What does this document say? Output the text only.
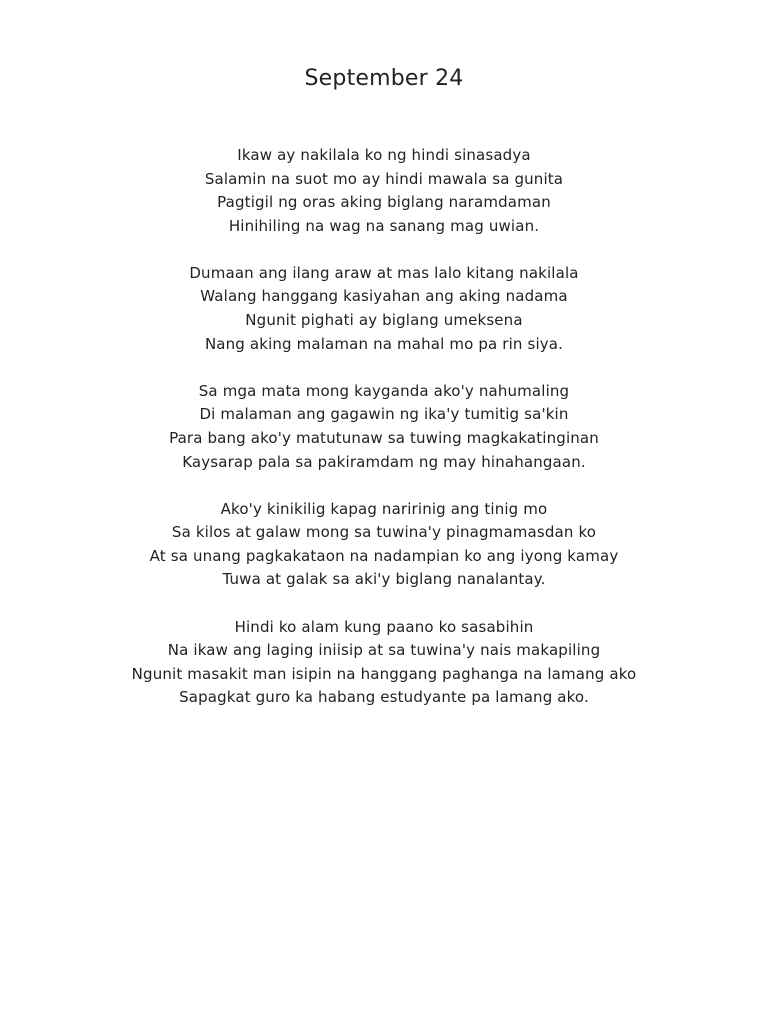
September 24
Ikaw ay nakilala ko ng hindi sinasadya
Salamin na suot mo ay hindi mawala sa gunita
Pagtigil ng oras aking biglang naramdaman
Hinihiling na wag na sanang mag uwian.
Dumaan ang ilang araw at mas lalo kitang nakilala
Walang hanggang kasiyahan ang aking nadama
Ngunit pighati ay biglang umeksena
Nang aking malaman na mahal mo pa rin siya.
Sa mga mata mong kayganda ako'y nahumaling
Di malaman ang gagawin ng ika'y tumitig sa'kin
Para bang ako'y matutunaw sa tuwing magkakatinginan
Kaysarap pala sa pakiramdam ng may hinahangaan.
Ako'y kinikilig kapag naririnig ang tinig mo
Sa kilos at galaw mong sa tuwina'y pinagmamasdan ko
At sa unang pagkakataon na nadampian ko ang iyong kamay
Tuwa at galak sa aki'y biglang nanalantay.
Hindi ko alam kung paano ko sasabihin
Na ikaw ang laging iniisip at sa tuwina'y nais makapiling
Ngunit masakit man isipin na hanggang paghanga na lamang ako
Sapagkat guro ka habang estudyante pa lamang ako.
